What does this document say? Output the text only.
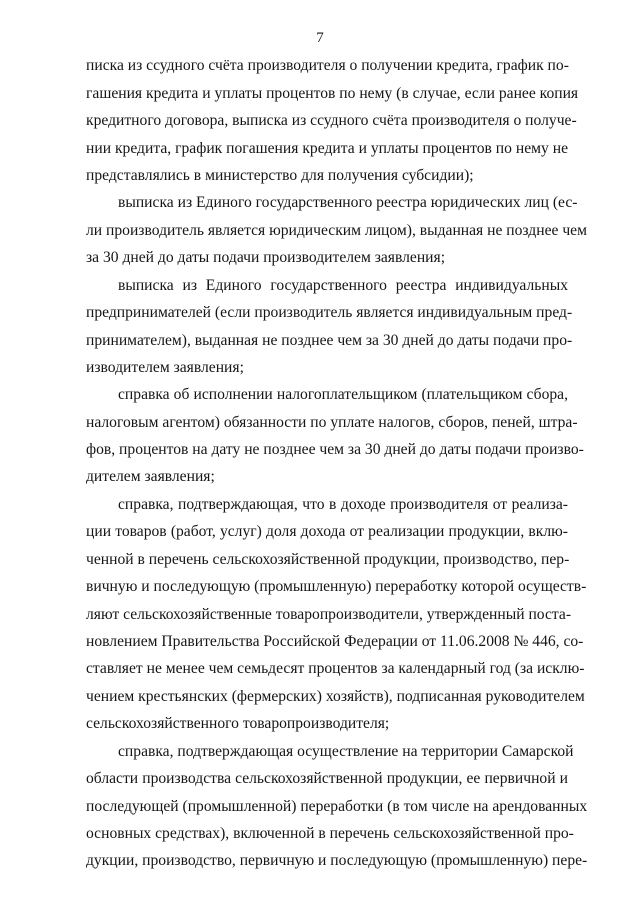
7
писка из ссудного счёта производителя о получении кредита, график по-
гашения кредита и уплаты процентов по нему (в случае, если ранее копия
кредитного договора, выписка из ссудного счёта производителя о получе-
нии кредита, график погашения кредита и уплаты процентов по нему не
представлялись в министерство для получения субсидии);
выписка из Единого государственного реестра юридических лиц (ес-
ли производитель является юридическим лицом), выданная не позднее чем
за 30 дней до даты подачи производителем заявления;
выписка из Единого государственного реестра индивидуальных
предпринимателей (если производитель является индивидуальным пред-
принимателем), выданная не позднее чем за 30 дней до даты подачи про-
изводителем заявления;
справка об исполнении налогоплательщиком (плательщиком сбора,
налоговым агентом) обязанности по уплате налогов, сборов, пеней, штра-
фов, процентов на дату не позднее чем за 30 дней до даты подачи произво-
дителем заявления;
справка, подтверждающая, что в доходе производителя от реализа-
ции товаров (работ, услуг) доля дохода от реализации продукции, вклю-
ченной в перечень сельскохозяйственной продукции, производство, пер-
вичную и последующую (промышленную) переработку которой осуществ-
ляют сельскохозяйственные товаропроизводители, утвержденный поста-
новлением Правительства Российской Федерации от 11.06.2008 № 446, со-
ставляет не менее чем семьдесят процентов за календарный год (за исклю-
чением крестьянских (фермерских) хозяйств), подписанная руководителем
сельскохозяйственного товаропроизводителя;
справка, подтверждающая осуществление на территории Самарской
области производства сельскохозяйственной продукции, ее первичной и
последующей (промышленной) переработки (в том числе на арендованных
основных средствах), включенной в перечень сельскохозяйственной про-
дукции, производство, первичную и последующую (промышленную) пере-
